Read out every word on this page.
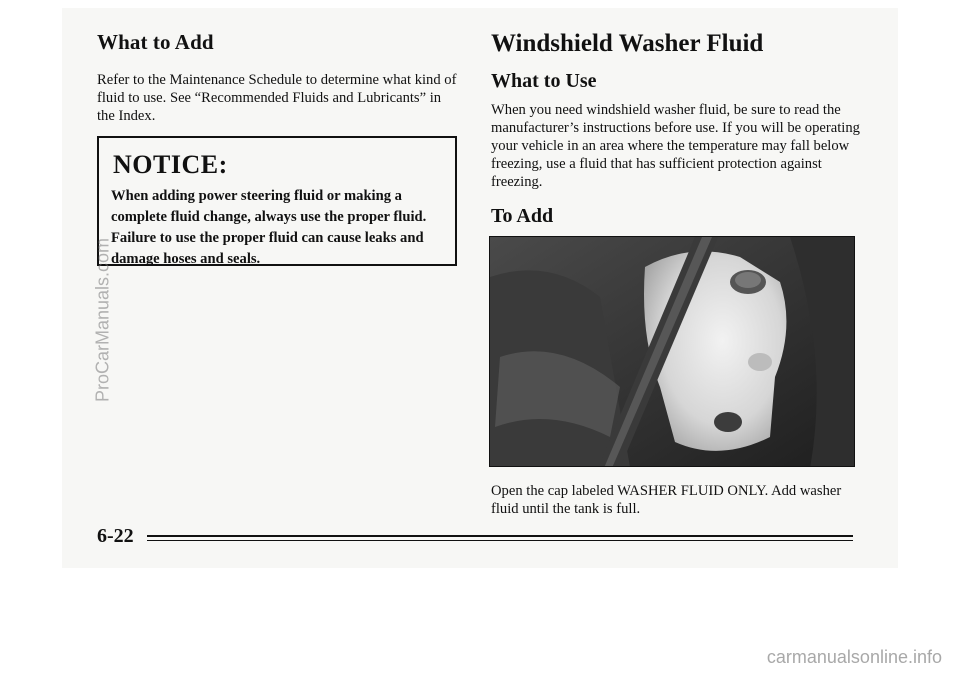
What to Add

Refer to the Maintenance Schedule to determine what kind of fluid to use. See “Recommended Fluids and Lubricants” in the Index.

NOTICE:
When adding power steering fluid or making a complete fluid change, always use the proper fluid. Failure to use the proper fluid can cause leaks and damage hoses and seals.
Windshield Washer Fluid
What to Use

When you need windshield washer fluid, be sure to read the manufacturer’s instructions before use. If you will be operating your vehicle in an area where the temperature may fall below freezing, use a fluid that has sufficient protection against freezing.

To Add

Open the cap labeled WASHER FLUID ONLY. Add washer fluid until the tank is full.

6-22
ProCarManuals.com
carmanualsonline.info
